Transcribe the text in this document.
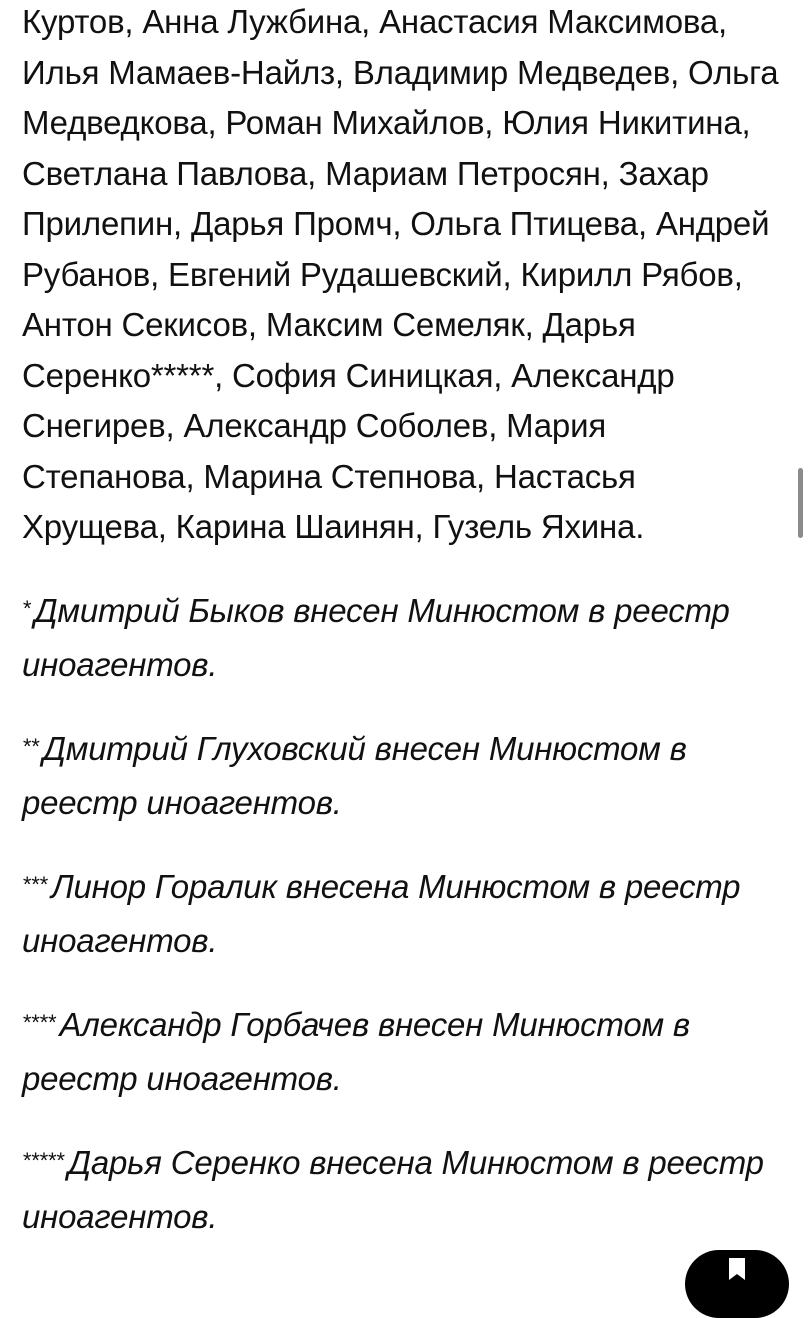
Куртов, Анна Лужбина, Анастасия Максимова, Илья Мамаев-Найлз, Владимир Медведев, Ольга Медведкова, Роман Михайлов, Юлия Никитина, Светлана Павлова, Мариам Петросян, Захар Прилепин, Дарья Промч, Ольга Птицева, Андрей Рубанов, Евгений Рудашевский, Кирилл Рябов, Антон Секисов, Максим Семеляк, Дарья Серенко*****, София Синицкая, Александр Снегирев, Александр Соболев, Мария Степанова, Марина Степнова, Настасья Хрущева, Карина Шаинян, Гузель Яхина.

* Дмитрий Быков внесен Минюстом в реестр иноагентов.

** Дмитрий Глуховский внесен Минюстом в реестр иноагентов.

*** Линор Горалик внесена Минюстом в реестр иноагентов.

**** Александр Горбачев внесен Минюстом в реестр иноагентов.

***** Дарья Серенко внесена Минюстом в реестр иноагентов.
